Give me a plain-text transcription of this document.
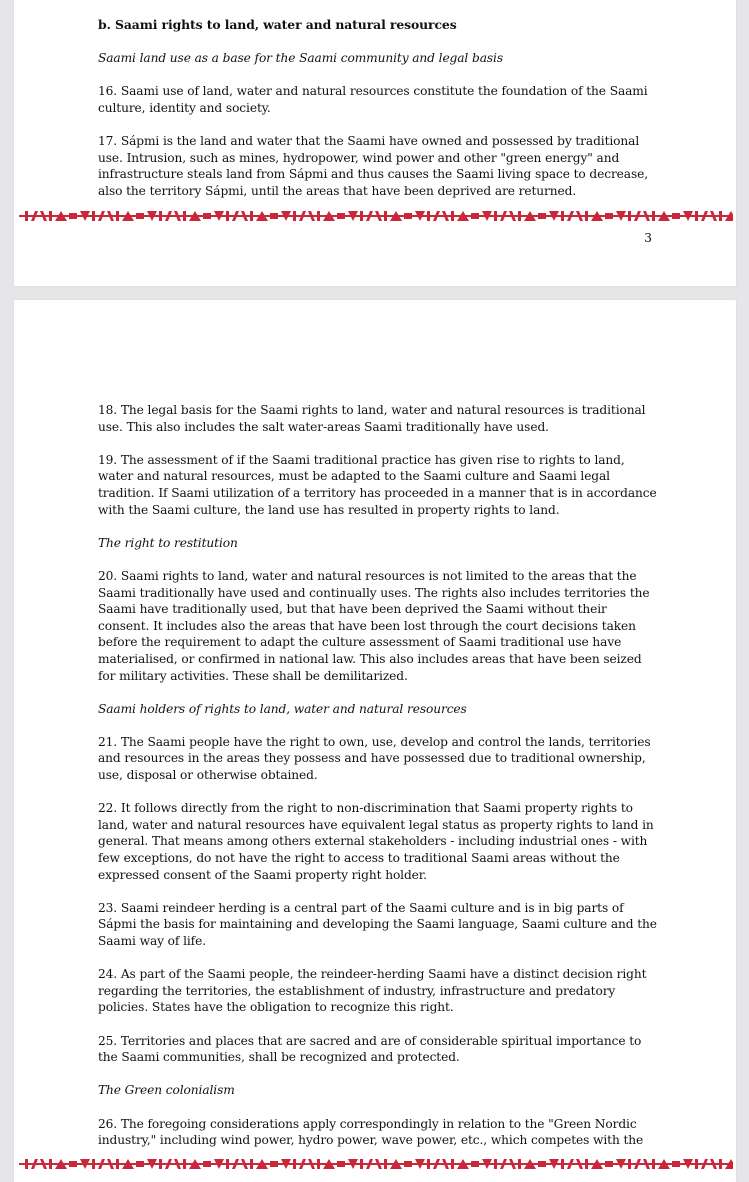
b. Saami rights to land, water and natural resources

Saami land use as a base for the Saami community and legal basis

16. Saami use of land, water and natural resources constitute the foundation of the Saami culture, identity and society.

17. Sápmi is the land and water that the Saami have owned and possessed by traditional use. Intrusion, such as mines, hydropower, wind power and other "green energy" and infrastructure steals land from Sápmi and thus causes the Saami living space to decrease, also the territory Sápmi, until the areas that have been deprived are returned.

3

18. The legal basis for the Saami rights to land, water and natural resources is traditional use. This also includes the salt water-areas Saami traditionally have used.

19. The assessment of if the Saami traditional practice has given rise to rights to land, water and natural resources, must be adapted to the Saami culture and Saami legal tradition. If Saami utilization of a territory has proceeded in a manner that is in accordance with the Saami culture, the land use has resulted in property rights to land.

The right to restitution

20. Saami rights to land, water and natural resources is not limited to the areas that the Saami traditionally have used and continually uses. The rights also includes territories the Saami have traditionally used, but that have been deprived the Saami without their consent. It includes also the areas that have been lost through the court decisions taken before the requirement to adapt the culture assessment of Saami traditional use have materialised, or confirmed in national law. This also includes areas that have been seized for military activities. These shall be demilitarized.

Saami holders of rights to land, water and natural resources

21. The Saami people have the right to own, use, develop and control the lands, territories and resources in the areas they possess and have possessed due to traditional ownership, use, disposal or otherwise obtained.

22. It follows directly from the right to non-discrimination that Saami property rights to land, water and natural resources have equivalent legal status as property rights to land in general. That means among others external stakeholders - including industrial ones - with few exceptions, do not have the right to access to traditional Saami areas without the expressed consent of the Saami property right holder.

23. Saami reindeer herding is a central part of the Saami culture and is in big parts of Sápmi the basis for maintaining and developing the Saami language, Saami culture and the Saami way of life.

24. As part of the Saami people, the reindeer-herding Saami have a distinct decision right regarding the territories, the establishment of industry, infrastructure and predatory policies. States have the obligation to recognize this right.

25. Territories and places that are sacred and are of considerable spiritual importance to the Saami communities, shall be recognized and protected.

The Green colonialism

26. The foregoing considerations apply correspondingly in relation to the "Green Nordic industry," including wind power, hydro power, wave power, etc., which competes with the
